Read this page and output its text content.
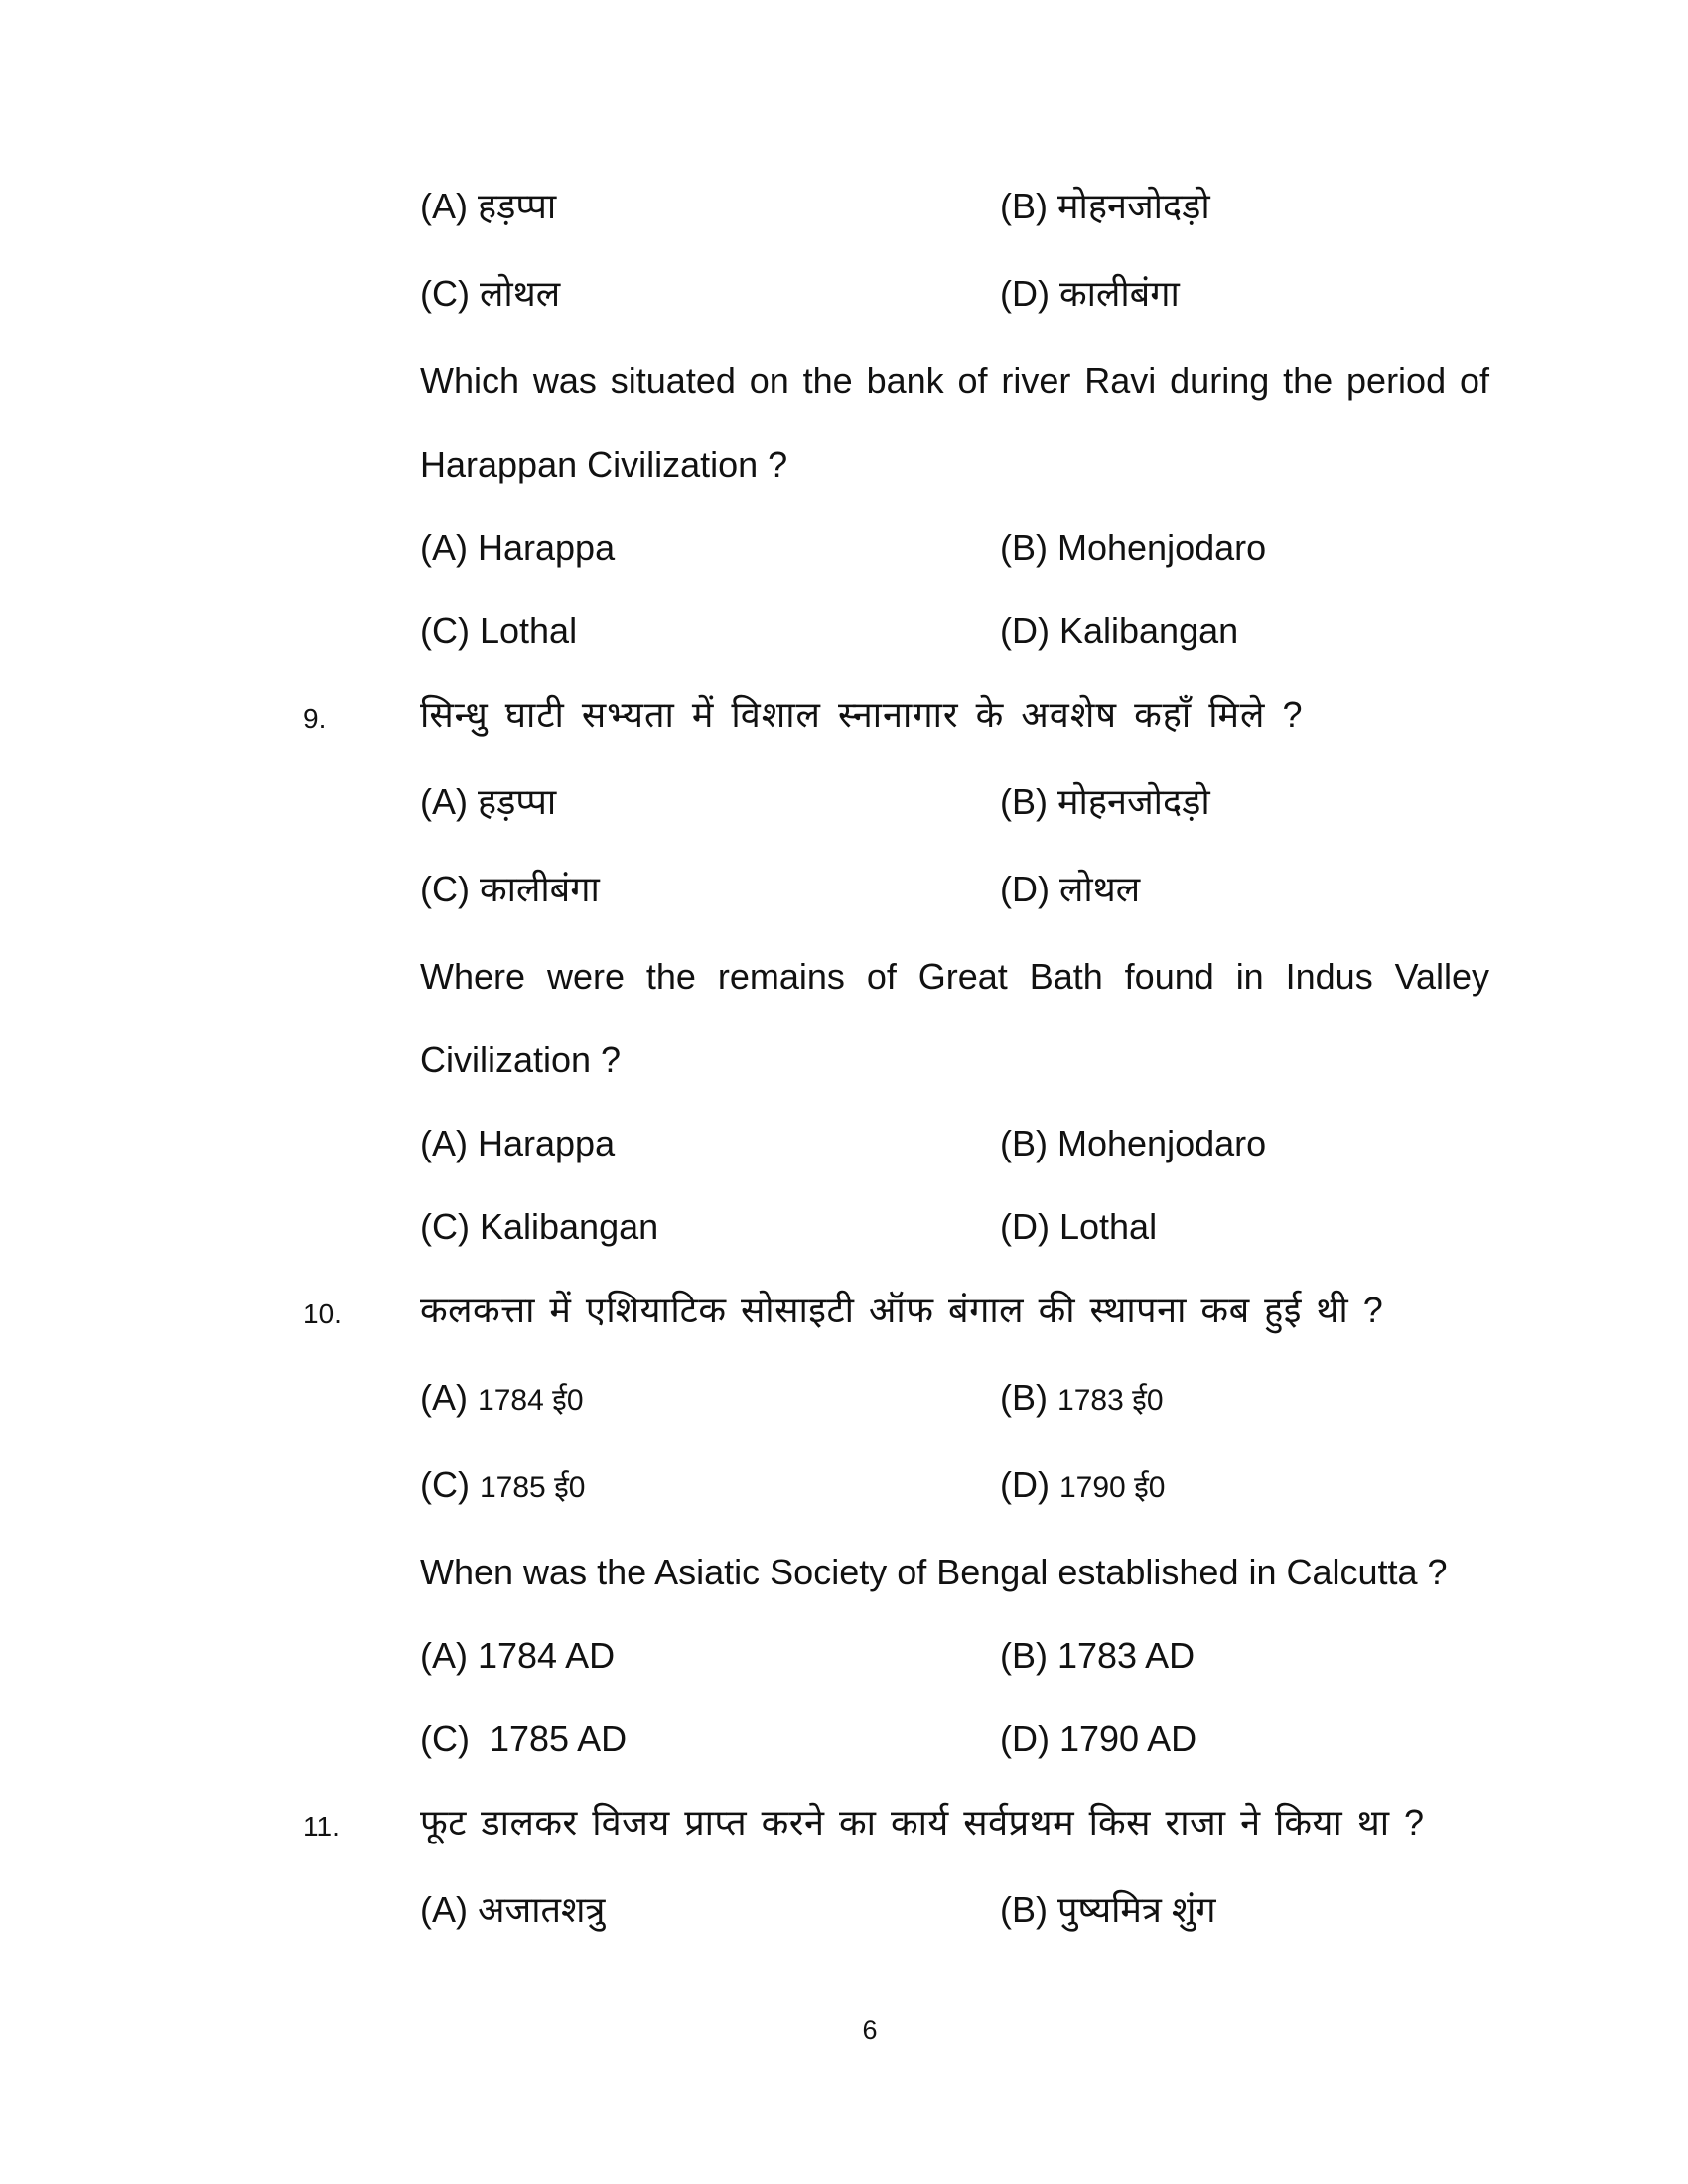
(A) हड़प्पा	(B) मोहनजोदड़ो
(C) लोथल	(D) कालीबंगा
Which was situated on the bank of river Ravi during the period of
Harappan Civilization ?
(A) Harappa	(B) Mohenjodaro
(C) Lothal	(D) Kalibangan
9.	सिन्धु घाटी सभ्यता में विशाल स्नानागार के अवशेष कहाँ मिले ?
(A) हड़प्पा	(B) मोहनजोदड़ो
(C) कालीबंगा	(D) लोथल
Where were the remains of Great Bath found in Indus Valley
Civilization ?
(A) Harappa	(B) Mohenjodaro
(C) Kalibangan	(D) Lothal
10. कलकत्ता में एशियाटिक सोसाइटी ऑफ बंगाल की स्थापना कब हुई थी ?
(A) 1784 ई0	(B) 1783 ई0
(C) 1785 ई0	(D) 1790 ई0
When was the Asiatic Society of Bengal established in Calcutta ?
(A) 1784 AD	(B) 1783 AD
(C)  1785 AD	(D) 1790 AD
11. फूट डालकर विजय प्राप्त करने का कार्य सर्वप्रथम किस राजा ने किया था ?
(A) अजातशत्रु	(B) पुष्यमित्र शुंग
6
